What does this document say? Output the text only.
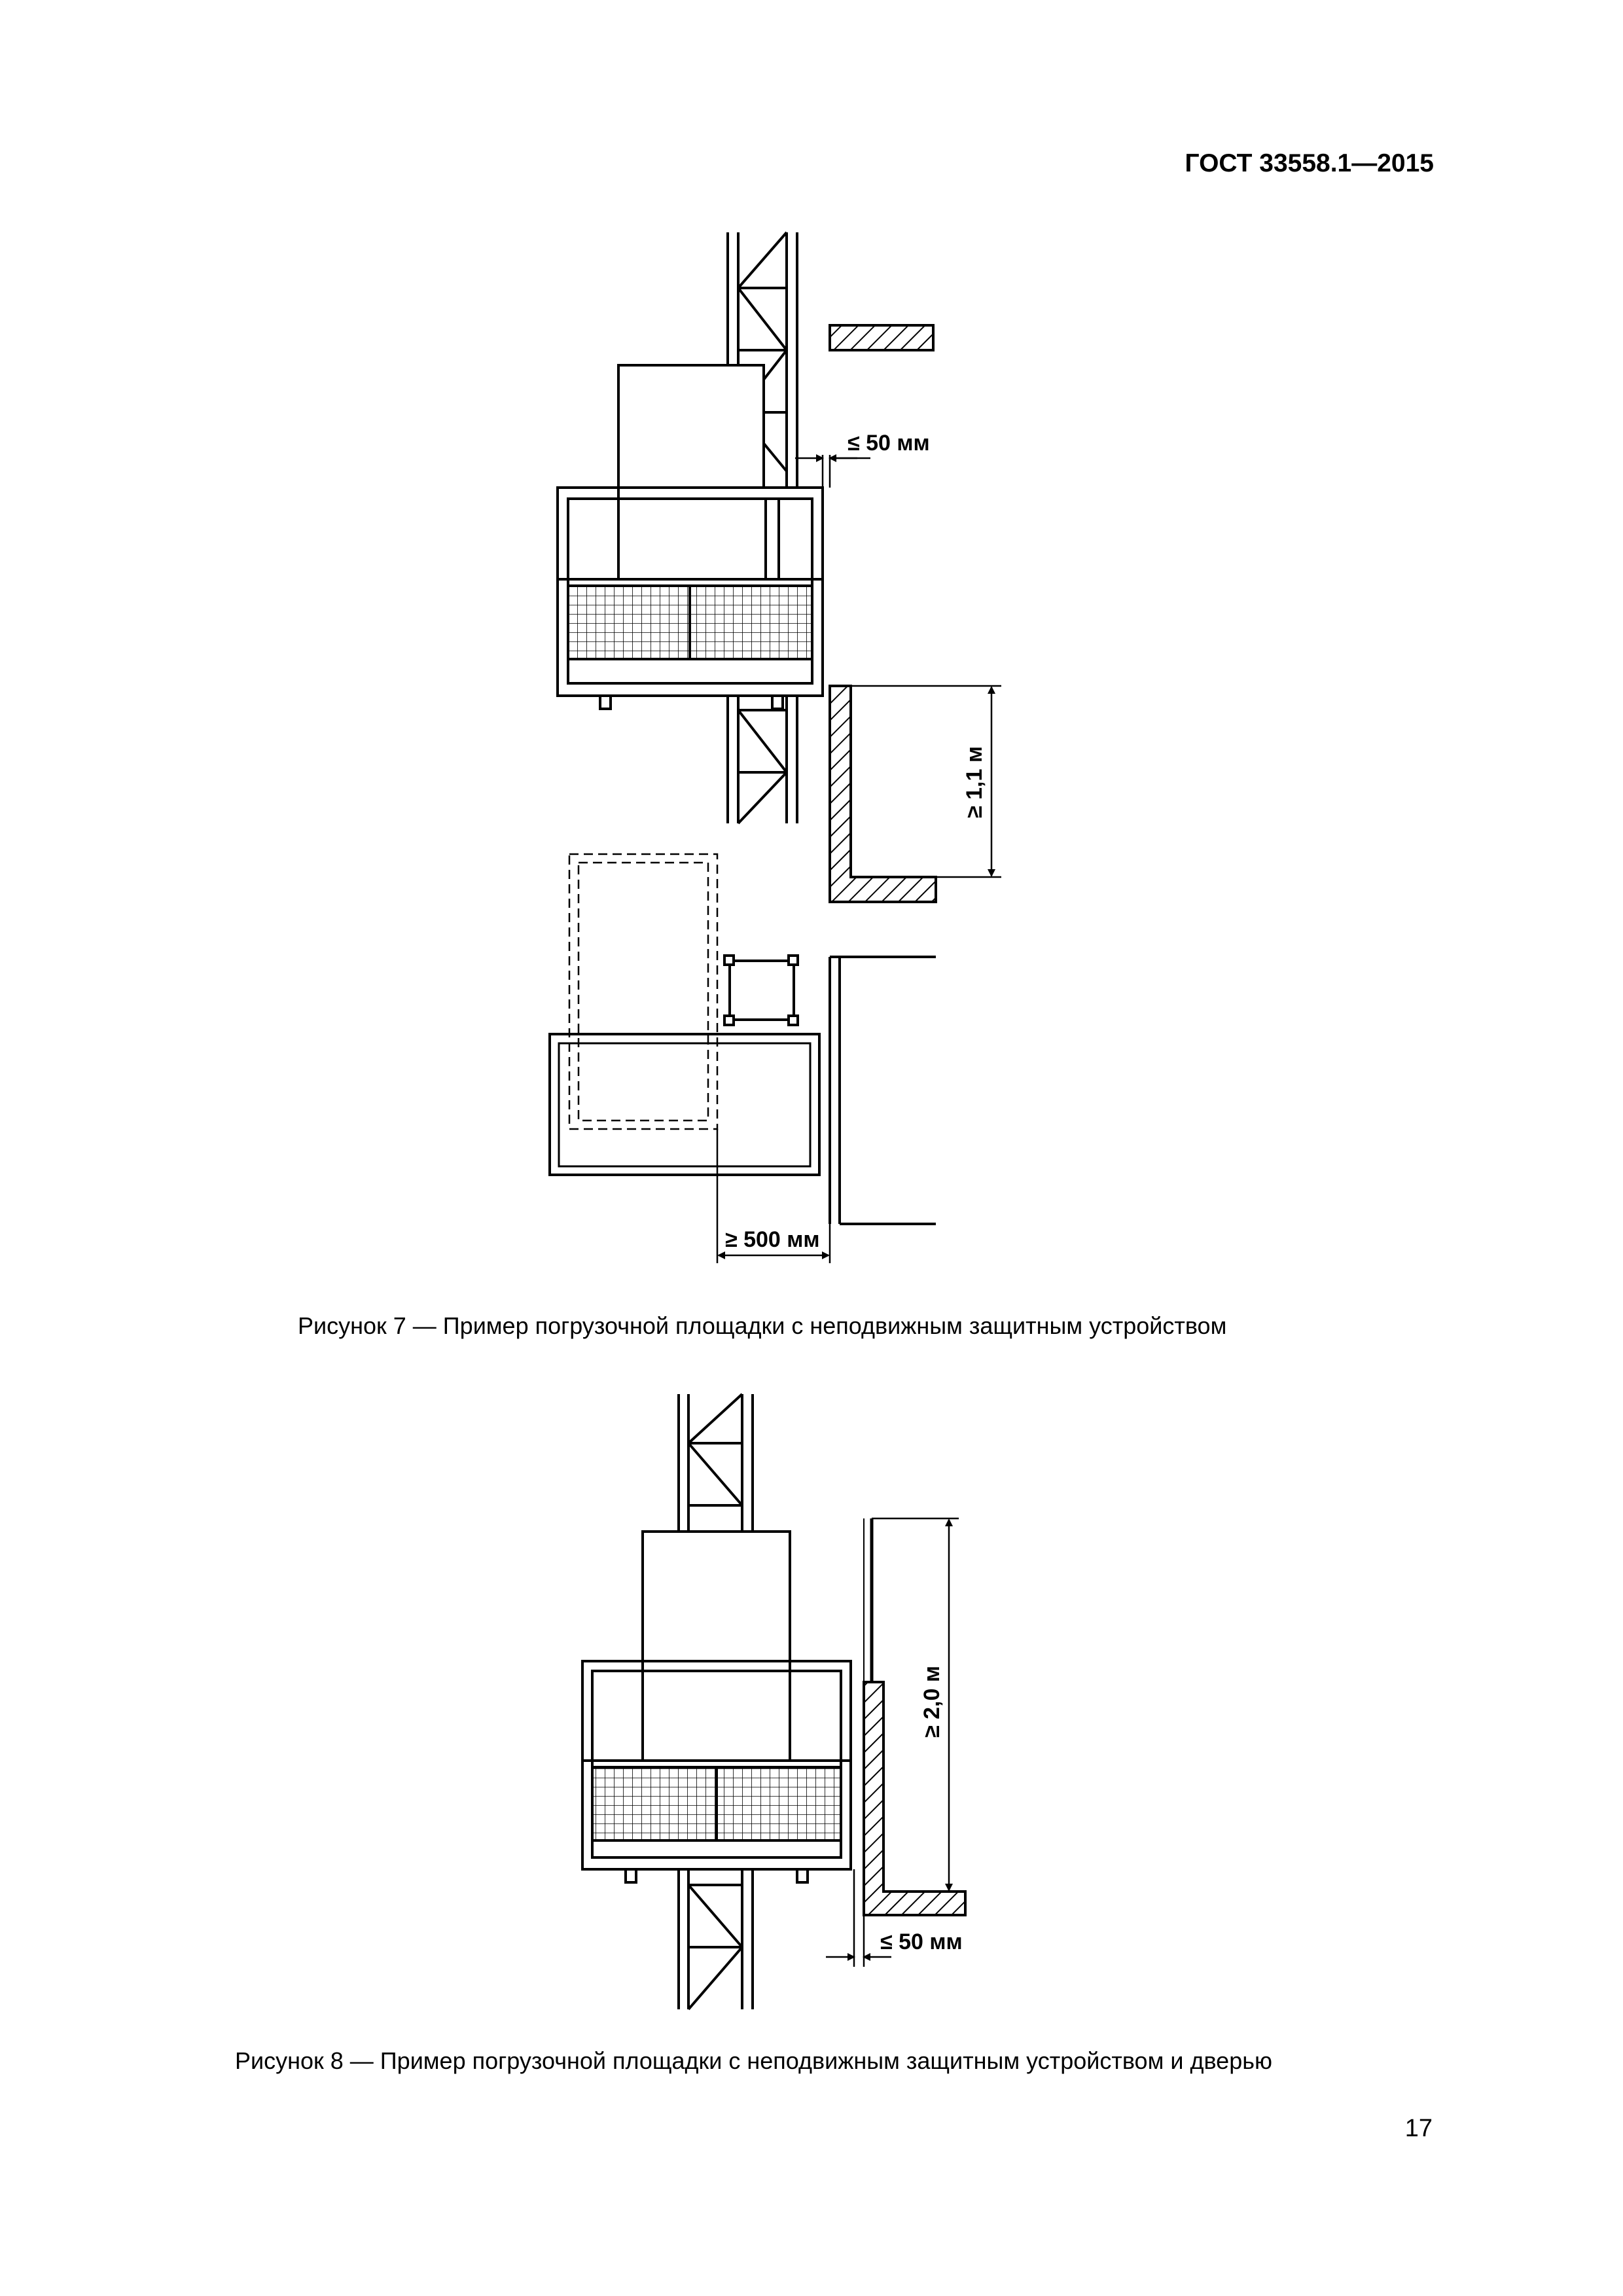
ГОСТ 33558.1—2015
≤ 50 мм
≥ 1,1 м
≥ 500 мм
≥ 2,0 м
≤ 50 мм
Рисунок 7 — Пример погрузочной площадки с неподвижным защитным устройством
Рисунок 8 — Пример погрузочной площадки с неподвижным защитным устройством и дверью
17
